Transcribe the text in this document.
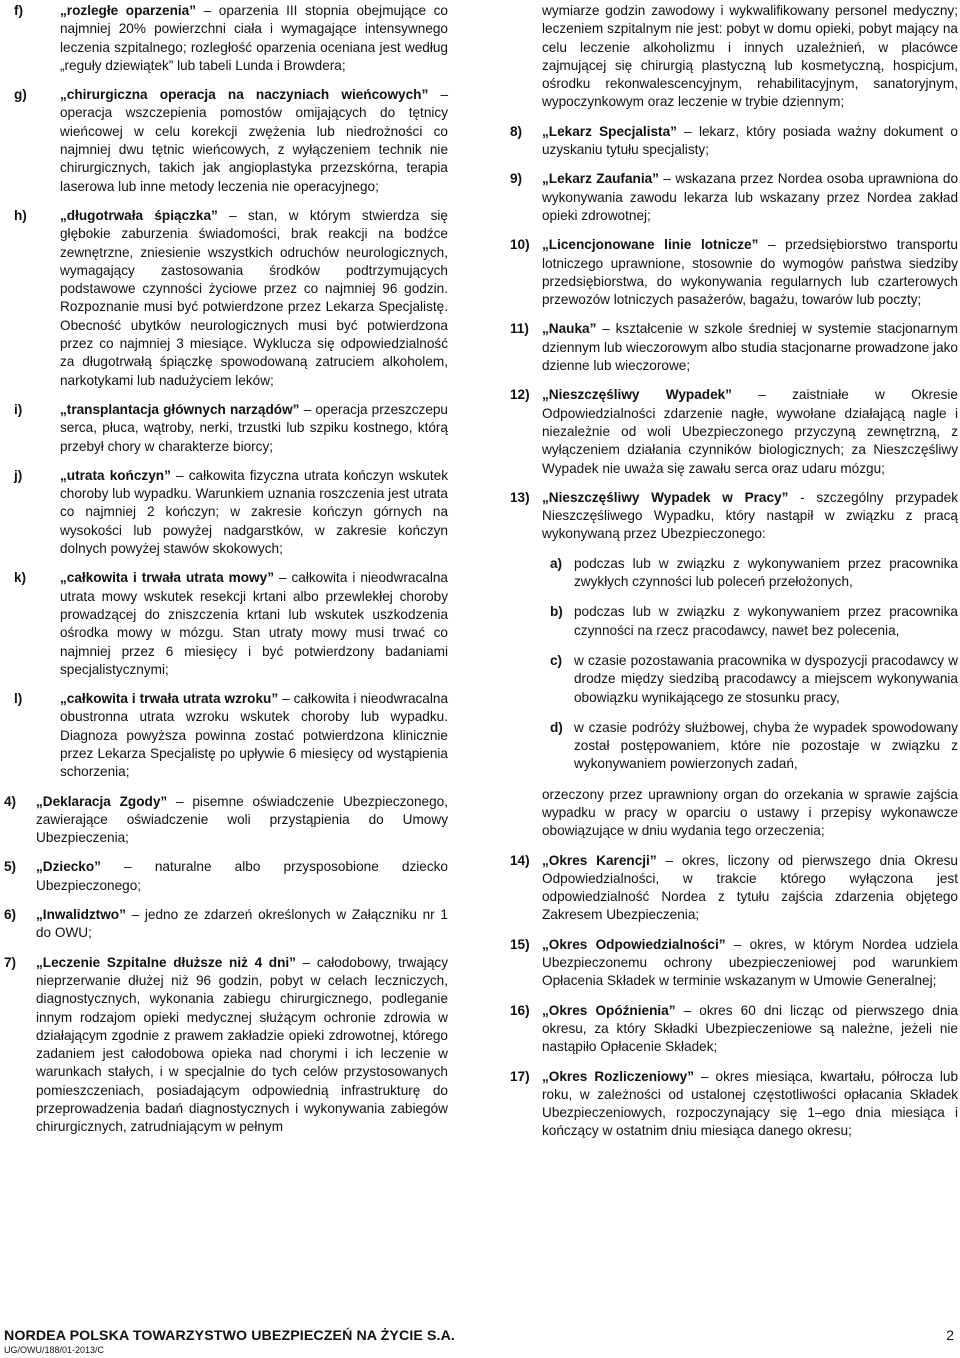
f)	„rozległe oparzenia” – oparzenia III stopnia obejmujące co najmniej 20% powierzchni ciała i wymagające intensywnego leczenia szpitalnego; rozległość oparzenia oceniana jest według „reguły dziewiątek” lub tabeli Lunda i Browdera;

g) „chirurgiczna operacja na naczyniach wieńcowych” – operacja wszczepienia pomostów omijających do tętnicy wieńcowej w celu korekcji zwężenia lub niedrożności co najmniej dwu tętnic wieńcowych, z wyłączeniem technik nie chirurgicznych, takich jak angioplastyka przezskórna, terapia laserowa lub inne metody leczenia nie operacyjnego;

h) „długotrwała śpiączka” – stan, w którym stwierdza się głębokie zaburzenia świadomości, brak reakcji na bodźce zewnętrzne, zniesienie wszystkich odruchów neurologicznych, wymagający zastosowania środków podtrzymujących podstawowe czynności życiowe przez co najmniej 96 godzin. Rozpoznanie musi być potwierdzone przez Lekarza Specjalistę. Obecność ubytków neurologicznych musi być potwierdzona przez co najmniej 3 miesiące. Wyklucza się odpowiedzialność za długotrwałą śpiączkę spowodowaną zatruciem alkoholem, narkotykami lub nadużyciem leków;

i)	„transplantacja głównych narządów” – operacja przeszczepu serca, płuca, wątroby, nerki, trzustki lub szpiku kostnego, którą przebył chory w charakterze biorcy;

j)	„utrata kończyn” – całkowita fizyczna utrata kończyn wskutek choroby lub wypadku. Warunkiem uznania roszczenia jest utrata co najmniej 2 kończyn; w zakresie kończyn górnych na wysokości lub powyżej nadgarstków, w zakresie kończyn dolnych powyżej stawów skokowych;

k) „całkowita i trwała utrata mowy” – całkowita i nieodwracalna utrata mowy wskutek resekcji krtani albo przewlekłej choroby prowadzącej do zniszczenia krtani lub wskutek uszkodzenia ośrodka mowy w mózgu. Stan utraty mowy musi trwać co najmniej przez 6 miesięcy i być potwierdzony badaniami specjalistycznymi;

l)	„całkowita i trwała utrata wzroku” – całkowita i nieodwracalna obustronna utrata wzroku wskutek choroby lub wypadku. Diagnoza powyższa powinna zostać potwierdzona klinicznie przez Lekarza Specjalistę po upływie 6 miesięcy od wystąpienia schorzenia;

4) „Deklaracja Zgody” – pisemne oświadczenie Ubezpieczonego, zawierające oświadczenie woli przystąpienia do Umowy Ubezpieczenia;

5) „Dziecko” – naturalne albo przysposobione dziecko Ubezpieczonego;

6) „Inwalidztwo” – jedno ze zdarzeń określonych w Załączniku nr 1 do OWU;

7) „Leczenie Szpitalne dłuższe niż 4 dni” – całodobowy, trwający nieprzerwanie dłużej niż 96 godzin, pobyt w celach leczniczych, diagnostycznych, wykonania zabiegu chirurgicznego, podleganie innym rodzajom opieki medycznej służącym ochronie zdrowia w działającym zgodnie z prawem zakładzie opieki zdrowotnej, którego zadaniem jest całodobowa opieka nad chorymi i ich leczenie w warunkach stałych, i w specjalnie do tych celów przystosowanych pomieszczeniach, posiadającym odpowiednią infrastrukturę do przeprowadzenia badań diagnostycznych i wykonywania zabiegów chirurgicznych, zatrudniającym w pełnym

wymiarze godzin zawodowy i wykwalifikowany personel medyczny; leczeniem szpitalnym nie jest: pobyt w domu opieki, pobyt mający na celu leczenie alkoholizmu i innych uzależnień, w placówce zajmującej się chirurgią plastyczną lub kosmetyczną, hospicjum, ośrodku rekonwalescencyjnym, rehabilitacyjnym, sanatoryjnym, wypoczynkowym oraz leczenie w trybie dziennym;

8) „Lekarz Specjalista” – lekarz, który posiada ważny dokument o uzyskaniu tytułu specjalisty;

9) „Lekarz Zaufania” – wskazana przez Nordea osoba uprawniona do wykonywania zawodu lekarza lub wskazany przez Nordea zakład opieki zdrowotnej;

10) „Licencjonowane linie lotnicze” – przedsiębiorstwo transportu lotniczego uprawnione, stosownie do wymogów państwa siedziby przedsiębiorstwa, do wykonywania regularnych lub czarterowych przewozów lotniczych pasażerów, bagażu, towarów lub poczty;

11) „Nauka” – kształcenie w szkole średniej w systemie stacjonarnym dziennym lub wieczorowym albo studia stacjonarne prowadzone jako dzienne lub wieczorowe;

12) „Nieszczęśliwy Wypadek” – zaistniałe w Okresie Odpowiedzialności zdarzenie nagłe, wywołane działającą nagle i niezależnie od woli Ubezpieczonego przyczyną zewnętrzną, z wyłączeniem działania czynników biologicznych; za Nieszczęśliwy Wypadek nie uważa się zawału serca oraz udaru mózgu;

13) „Nieszczęśliwy Wypadek w Pracy” - szczególny przypadek Nieszczęśliwego Wypadku, który nastąpił w związku z pracą wykonywaną przez Ubezpieczonego:

a) podczas lub w związku z wykonywaniem przez pracownika zwykłych czynności lub poleceń przełożonych,

b) podczas lub w związku z wykonywaniem przez pracownika czynności na rzecz pracodawcy, nawet bez polecenia,

c) w czasie pozostawania pracownika w dyspozycji pracodawcy w drodze między siedzibą pracodawcy a miejscem wykonywania obowiązku wynikającego ze stosunku pracy,

d) w czasie podróży służbowej, chyba że wypadek spowodowany został postępowaniem, które nie pozostaje w związku z wykonywaniem powierzonych zadań,

orzeczony przez uprawniony organ do orzekania w sprawie zajścia wypadku w pracy w oparciu o ustawy i przepisy wykonawcze obowiązujące w dniu wydania tego orzeczenia;

14) „Okres Karencji” – okres, liczony od pierwszego dnia Okresu Odpowiedzialności, w trakcie którego wyłączona jest odpowiedzialność Nordea z tytułu zajścia zdarzenia objętego Zakresem Ubezpieczenia;

15) „Okres Odpowiedzialności” – okres, w którym Nordea udziela Ubezpieczonemu ochrony ubezpieczeniowej pod warunkiem Opłacenia Składek w terminie wskazanym w Umowie Generalnej;

16) „Okres Opóźnienia” – okres 60 dni licząc od pierwszego dnia okresu, za który Składki Ubezpieczeniowe są należne, jeżeli nie nastąpiło Opłacenie Składek;

17) „Okres Rozliczeniowy” – okres miesiąca, kwartału, półrocza lub roku, w zależności od ustalonej częstotliwości opłacania Składek Ubezpieczeniowych, rozpoczynający się 1–ego dnia miesiąca i kończący w ostatnim dniu miesiąca danego okresu;

NORDEA POLSKA TOWARZYSTWO UBEZPIECZEŃ NA ŻYCIE S.A.
UG/OWU/188/01-2013/C
2
